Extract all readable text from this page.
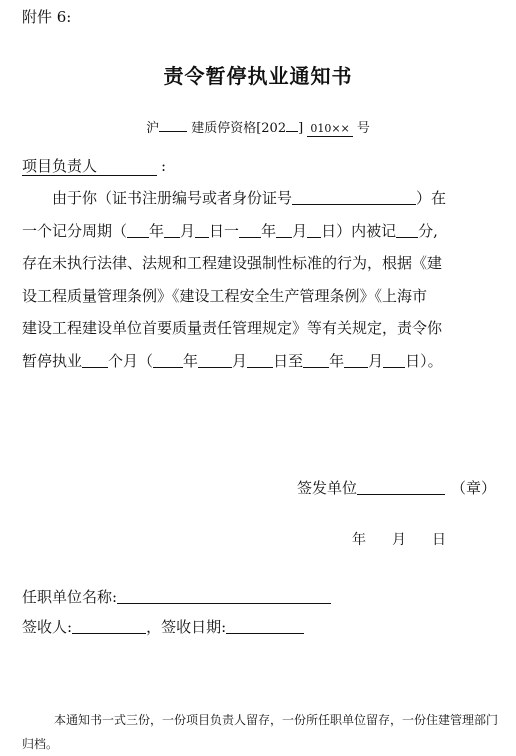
附件 6:
责令暂停执业通知书
沪 建质停资格[202 ] 010×× 号
项目负责人	:
由于你（证书注册编号或者身份证号	）在
一个记分周期（ 年 月 日一 年 月 日）内被记 分,
存在未执行法律、法规和工程建设强制性标准的行为，根据《建
设工程质量管理条例》《建设工程安全生产管理条例》《上海市
建设工程建设单位首要质量责任管理规定》等有关规定，责令你
暂停执业 个月（ 年 月 日至 年 月 日）。
签发单位	（章）
年 月 日
任职单位名称:
签收人:	，签收日期:
本通知书一式三份，一份项目负责人留存，一份所任职单位留存，一份住建管理部门归档。
